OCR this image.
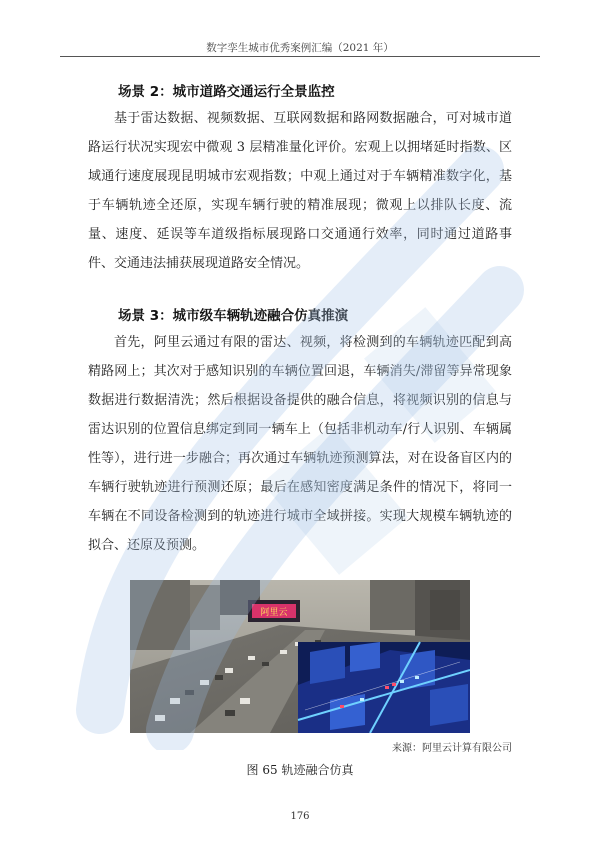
数字孪生城市优秀案例汇编（2021 年）
场景 2：城市道路交通运行全景监控
基于雷达数据、视频数据、互联网数据和路网数据融合，可对城市道路运行状况实现宏中微观 3 层精准量化评价。宏观上以拥堵延时指数、区域通行速度展现昆明城市宏观指数；中观上通过对于车辆精准数字化，基于车辆轨迹全还原，实现车辆行驶的精准展现；微观上以排队长度、流量、速度、延误等车道级指标展现路口交通通行效率，同时通过道路事件、交通违法捕获展现道路安全情况。
场景 3：城市级车辆轨迹融合仿真推演
首先，阿里云通过有限的雷达、视频，将检测到的车辆轨迹匹配到高精路网上；其次对于感知识别的车辆位置回退，车辆消失/滞留等异常现象数据进行数据清洗；然后根据设备提供的融合信息，将视频识别的信息与雷达识别的位置信息绑定到同一辆车上（包括非机动车/行人识别、车辆属性等），进行进一步融合；再次通过车辆轨迹预测算法，对在设备盲区内的车辆行驶轨迹进行预测还原；最后在感知密度满足条件的情况下，将同一车辆在不同设备检测到的轨迹进行城市全域拼接。实现大规模车辆轨迹的拟合、还原及预测。
阿里云
来源：阿里云计算有限公司
图 65 轨迹融合仿真
176
